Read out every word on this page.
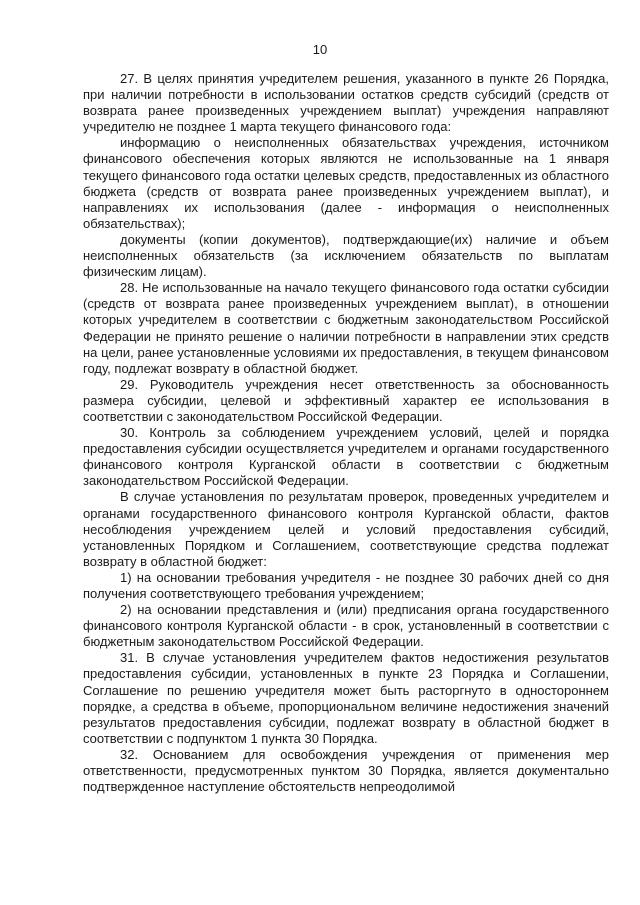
10

27. В целях принятия учредителем решения, указанного в пункте 26 Порядка, при наличии потребности в использовании остатков средств субсидий (средств от возврата ранее произведенных учреждением выплат) учреждения направляют учредителю не позднее 1 марта текущего финансового года:

информацию о неисполненных обязательствах учреждения, источником финансового обеспечения которых являются не использованные на 1 января текущего финансового года остатки целевых средств, предоставленных из областного бюджета (средств от возврата ранее произведенных учреждением выплат), и направлениях их использования (далее - информация о неисполненных обязательствах);

документы (копии документов), подтверждающие(их) наличие и объем неисполненных обязательств (за исключением обязательств по выплатам физическим лицам).

28. Не использованные на начало текущего финансового года остатки субсидии (средств от возврата ранее произведенных учреждением выплат), в отношении которых учредителем в соответствии с бюджетным законодательством Российской Федерации не принято решение о наличии потребности в направлении этих средств на цели, ранее установленные условиями их предоставления, в текущем финансовом году, подлежат возврату в областной бюджет.

29. Руководитель учреждения несет ответственность за обоснованность размера субсидии, целевой и эффективный характер ее использования в соответствии с законодательством Российской Федерации.

30. Контроль за соблюдением учреждением условий, целей и порядка предоставления субсидии осуществляется учредителем и органами государственного финансового контроля Курганской области в соответствии с бюджетным законодательством Российской Федерации.

В случае установления по результатам проверок, проведенных учредителем и органами государственного финансового контроля Курганской области, фактов несоблюдения учреждением целей и условий предоставления субсидий, установленных Порядком и Соглашением, соответствующие средства подлежат возврату в областной бюджет:

1) на основании требования учредителя - не позднее 30 рабочих дней со дня получения соответствующего требования учреждением;

2) на основании представления и (или) предписания органа государственного финансового контроля Курганской области - в срок, установленный в соответствии с бюджетным законодательством Российской Федерации.

31. В случае установления учредителем фактов недостижения результатов предоставления субсидии, установленных в пункте 23 Порядка и Соглашении, Соглашение по решению учредителя может быть расторгнуто в одностороннем порядке, а средства в объеме, пропорциональном величине недостижения значений результатов предоставления субсидии, подлежат возврату в областной бюджет в соответствии с подпунктом 1 пункта 30 Порядка.

32. Основанием для освобождения учреждения от применения мер ответственности, предусмотренных пунктом 30 Порядка, является документально подтвержденное наступление обстоятельств непреодолимой
